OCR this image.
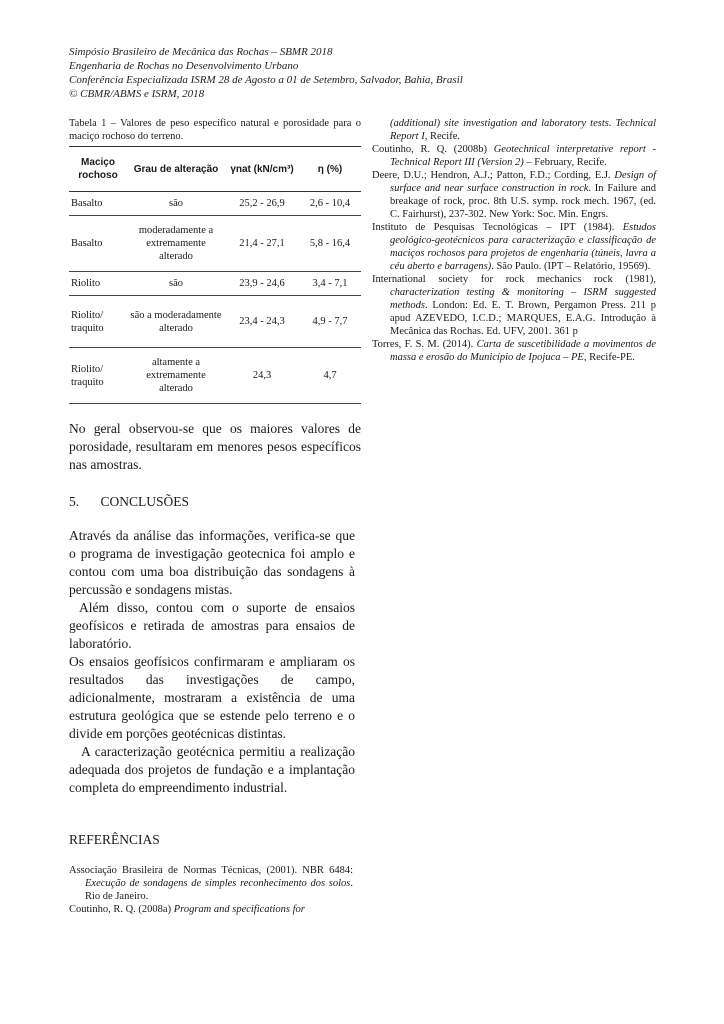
Simpósio Brasileiro de Mecânica das Rochas – SBMR 2018
Engenharia de Rochas no Desenvolvimento Urbano
Conferência Especializada ISRM 28 de Agosto a 01 de Setembro, Salvador, Bahia, Brasil
© CBMR/ABMS e ISRM, 2018
Tabela 1 – Valores de peso específico natural e porosidade para o maciço rochoso do terreno.
Maciço rochoso	Grau de alteração	γnat (kN/cm³)	η (%)
Basalto	são	25,2 - 26,9	2,6 - 10,4
Basalto	moderadamente a extremamente alterado	21,4 - 27,1	5,8 - 16,4
Riolito	são	23,9 - 24,6	3,4 - 7,1
Riolito/ traquito	são a moderadamente alterado	23,4 - 24,3	4,9 - 7,7
Riolito/ traquito	altamente a extremamente alterado	24,3	4,7
No geral observou-se que os maiores valores de porosidade, resultaram em menores pesos específicos nas amostras.
5. CONCLUSÕES
Através da análise das informações, verifica-se que o programa de investigação geotecnica foi amplo e contou com uma boa distribuição das sondagens à percussão e sondagens mistas.
Além disso, contou com o suporte de ensaios geofísicos e retirada de amostras para ensaios de laboratório.
Os ensaios geofísicos confirmaram e ampliaram os resultados das investigações de campo, adicionalmente, mostraram a existência de uma estrutura geológica que se estende pelo terreno e o divide em porções geotécnicas distintas.
A caracterização geotécnica permitiu a realização adequada dos projetos de fundação e a implantação completa do empreendimento industrial.
REFERÊNCIAS
Associação Brasileira de Normas Técnicas, (2001). NBR 6484: Execução de sondagens de simples reconhecimento dos solos. Rio de Janeiro.
Coutinho, R. Q. (2008a) Program and specifications for
(additional) site investigation and laboratory tests. Technical Report I, Recife.
Coutinho, R. Q. (2008b) Geotechnical interpretative report - Technical Report III (Version 2) – February, Recife.
Deere, D.U.; Hendron, A.J.; Patton, F.D.; Cording, E.J. Design of surface and near surface construction in rock. In Failure and breakage of rock, proc. 8th U.S. symp. rock mech. 1967, (ed. C. Fairhurst), 237-302. New York: Soc. Min. Engrs.
Instituto de Pesquisas Tecnológicas – IPT (1984). Estudos geológico-geotécnicos para caracterização e classificação de maciços rochosos para projetos de engenharia (túneis, lavra a céu aberto e barragens). São Paulo. (IPT – Relatório, 19569).
International society for rock mechanics rock (1981), characterization testing & monitoring – ISRM suggested methods. London: Ed. E. T. Brown, Pergamon Press. 211 p apud AZEVEDO, I.C.D.; MARQUES, E.A.G. Introdução à Mecânica das Rochas. Ed. UFV, 2001. 361 p
Torres, F. S. M. (2014). Carta de suscetibilidade a movimentos de massa e erosão do Município de Ipojuca – PE, Recife-PE.
